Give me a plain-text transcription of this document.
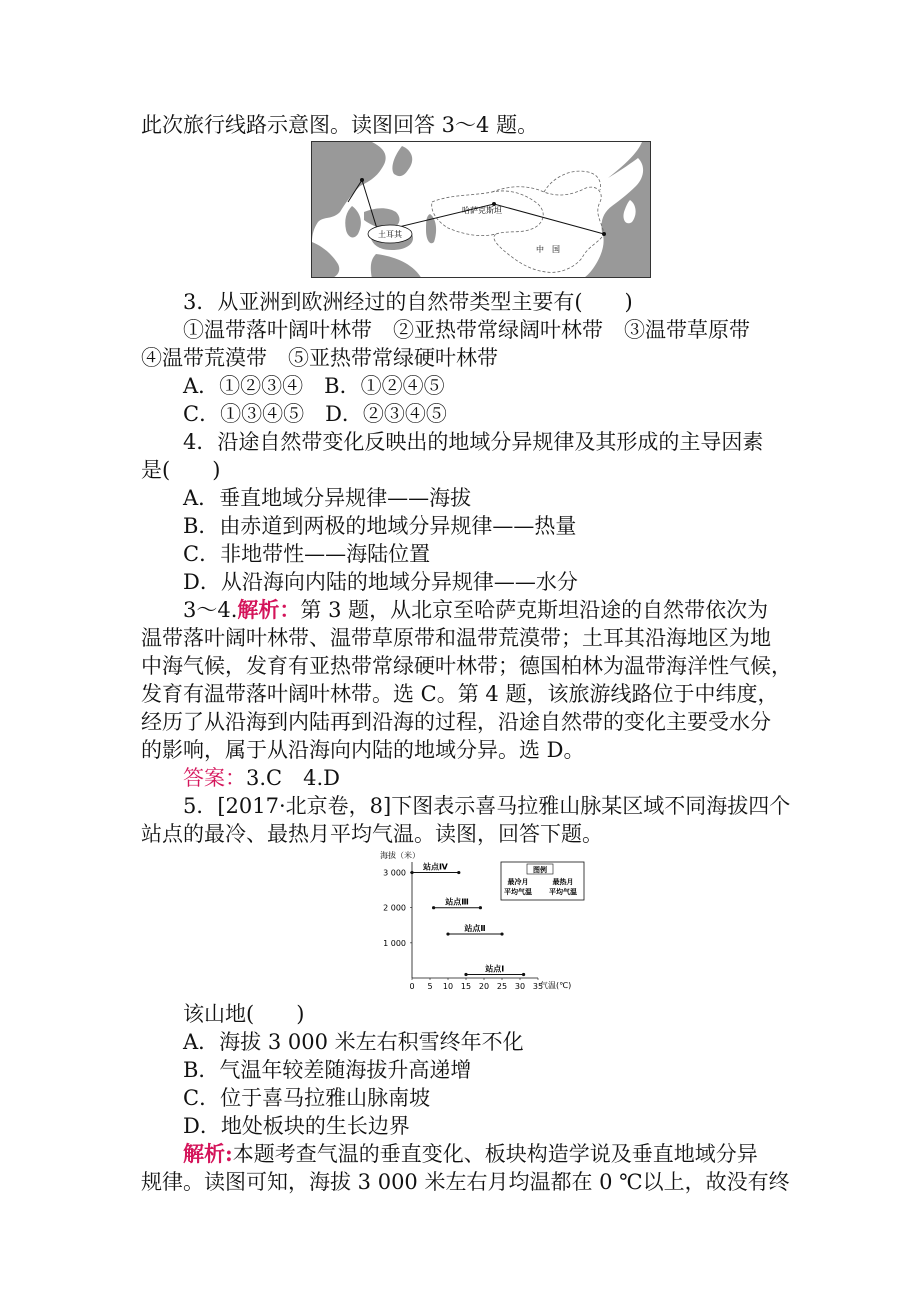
此次旅行线路示意图。读图回答 3～4 题。
土耳其
哈萨克斯坦
中　国
3．从亚洲到欧洲经过的自然带类型主要有(　　)
①温带落叶阔叶林带　②亚热带常绿阔叶林带　③温带草原带
④温带荒漠带　⑤亚热带常绿硬叶林带
A．①②③④　B．①②④⑤
C．①③④⑤　D．②③④⑤
4．沿途自然带变化反映出的地域分异规律及其形成的主导因素
是(　　)
A．垂直地域分异规律——海拔
B．由赤道到两极的地域分异规律——热量
C．非地带性——海陆位置
D．从沿海向内陆的地域分异规律——水分
3～4.解析：第 3 题，从北京至哈萨克斯坦沿途的自然带依次为
温带落叶阔叶林带、温带草原带和温带荒漠带；土耳其沿海地区为地
中海气候，发育有亚热带常绿硬叶林带；德国柏林为温带海洋性气候，
发育有温带落叶阔叶林带。选 C。第 4 题，该旅游线路位于中纬度，
经历了从沿海到内陆再到沿海的过程，沿途自然带的变化主要受水分
的影响，属于从沿海向内陆的地域分异。选 D。
答案：3.C　4.D
5．[2017·北京卷，8]下图表示喜马拉雅山脉某区域不同海拔四个
站点的最冷、最热月平均气温。读图，回答下题。
海拔（米）
1 000
2 000
3 000
0 5 10 15 20 25 30 35
站点Ⅳ
站点Ⅲ
站点Ⅱ
站点Ⅰ
气温(℃)
图例
最冷月
平均气温
最热月
平均气温
该山地(　　)
A．海拔 3 000 米左右积雪终年不化
B．气温年较差随海拔升高递增
C．位于喜马拉雅山脉南坡
D．地处板块的生长边界
解析:本题考查气温的垂直变化、板块构造学说及垂直地域分异
规律。读图可知，海拔 3 000 米左右月均温都在 0 ℃以上，故没有终
